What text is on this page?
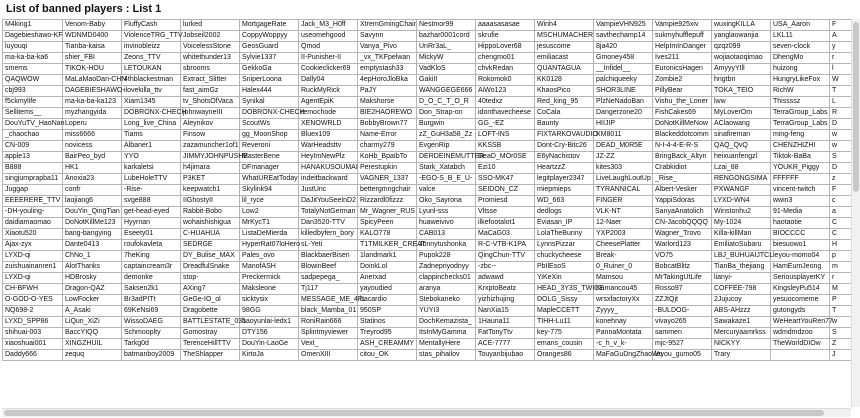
List of banned players : List 1
M4king1	Venom-Baby	FluffyCash	lurked	MortgageRate	Jack_M3_H0ff	XtremGmingChair	Nestmor99	aaaasasasae	Winh4	VampieVHN925	Vampie925xiv	wuxingKILLA	USA_Aaron	F
Dagebieshawo-KF	WDNMD0400	ViolenceTRG_TTV	Jobseil2002	CoppyWoppyy	useomehgood	Savynn	bazhar0001cord	skrufie	MSCHUMACHER	savthechamp14	sukmyhufflepuff	yanglaowanjia	LKL11	A
luyouqi	Tianba-kaisa	invinobleizz	VoicelessStone	GeosGuard	Qmod	Vanya_Pivo	UnRr3aL_	HippoLover68	jesuscome	8ja420	HelpImInDanger	qzqz099	seven-clock	y
ma-ka-ba-ka6	shier_FBI	Zeons_TTV	whitethunder13	Sylvie1337	II-Punisher-II	_vx_TKFpelwan	MickyW	chengmo01	emiliacast	Gmoney458	Ives211	wojiaotaoqimao	DhengMo	r
smems	TIKOK-HOU	LETOUKAN	sbrooms	GekkoGa	Cookieclicker69	emptystash33	VadKloS	chvkRedan	QUANTAGUA	__Infidel__	EuronicsHagen	AmyyyYIll	huizong	l
QAQWOW	MaLaMaoDan-CHN	4thblackestman	Extract_Slitter	SniperLoona	Dally04	4epHoroJloBka	GakiII	Rokomok0	KK0128	palchiqueeky	Zombie2	hngtbn	HungryLikeFox	W
cbj993	DAGEBIESHAWO-	ilovekilla_ttv	fast_aimGz	Halex444	RuckMyRick	PaJY	WANGGEGE666	AiWo123	KhaosPico	SHOR3LINE	PillyBear	TOKA_TEIO	RichW	T
f5ckmylife	ma-ka-ba-ka123	Xiam1345	tv_ShotsOfVaca	Synikal	AgentEpiK	Makshorse	D_O_C_T_O_R	40tedxz	Red_king_95	PlzNeNadoBan	Vishu_the_Loner	lww	Thissssz	L
Sellitems__	myzhangyida	DOBRONX-CHECH	johnwayneIII	DOBRONX-CHECH	remochode	BIE2HAOREWO	Don_Strap-on	idonthavecheese	CoCala	Dangerzone20	FishCakes69	MyLoverOm	TerraGroup_Labs	R
DouYuTV_HaoNan	Loperu	Long_live_China	Aleynikov	ScoutWs	XENOWRLD	BobbyBrown77	Burgwin	GG_-EZ	Baunty	HIIJIP	DoNotKillMeNow	AClaowang	TerraGroup_Labs	D
_chaochao	miss6666	Tiams	Finsow	gg_MoonShop	Bluex109	Name-Error	zZ_GuH3a58_Zz	LOFT-INS	FIXTARKOVAUDIO	XM8011	Blackeddotcomm	sinafireman	ming-feng	w
CN-009	novicess	Albaner1	zazamuncher1of1	Reveroni	WarHeadsttv	charmy279	EvgenRip	KKSSB	Dont-Cry-Bitc26	DEAD_M0R5E	N-I-4-4-E-R-S	QAQ_QvQ	CHENZHIZHI	w
apple13	BairPeo_byd	YYO	JIMMYJOHNPUSHE	MasterBene	HeyImNewPlz	KoHb_BpaIbTo	DERDEINEMUTTER	DeaD_MOr0SE	E6yNachistov	JZ-ZZ	BringBack_Altyn	heixuanfengzl	Tiktok-BaBa	S
B888	HK1	karkaletsi	h4jimara	DFmanager	HANAKUSOUMAI	Perestupkin	Stark_Xatabch	Ezi10	HeartzzZ	kites303	Crabkidiot	Lzai_88	YOUKR_Piggy	D
singjumprapba11	Anoxia23	LubeHoleTTV	P3KET	WhatUREatToday	indeitbackward	VAGNER_1337	-EGO-S_B_E_U-	SSO-MK47	legitplayer2347	LiveLaughLoutUp	_Rise_	RENGONGSIMA	FFFFFF	z
Juggap	confr	-Rise-	keepwatch1	Skylink94	JustUnc	bettergmngchair	valce	SEIDON_CZ	miepmieps	TYRANNICAL	Albert-Vesker	PXWANGF	vincent-twitch	F
EEEERERE_TTV	laojiang6	svge888	IIGhostyII	lil_ryce	DaJitYouSeeInD2	Rizzardl0fizzz	Oko_Sayrona	Promiesd	WD_663	FINGER	YappiSdoras	LYXD-WN4	wwin3	c
-DH-youling-	DouYin_QingTian	get-head-eyed	Rabbit-Bobo	Low2	TotalyNotGerman	Mr_Wagner_RUS	Lyunl-sss	Vltsse	dedlogs	VLK-NT	SanyaAnatolich	Winstonhu2	91-Media	a
daidiamaomao	DoNotKillMe123	Hyyrnan	wohaishishigua	MrKycT1	Dan3520-TTV	SpicyPeen	huaweivivo	ilkefootalot1	Eviasan_IP	12-Naer	CN-JacobQQQQ	My-1024	haotaotie	C
Xiaotu520	bang-bangying	Eseety01	C-HUAHUA	ListaDeMierda	killedbyfern_bory	KALO778	CAB013	MaCaG03	LolaTheBunny	YXP2003	Wagner_Trovo	Killa-killMan	BIOCCCC	C
Ajax-zyx	Dante0413	roufokavleta	SEDRGE	HyperRat07loHero	sL-Yeti	T1TMILKER_CREAT	Jonnytushonka	R-C-VTB-K1PA	LynnsPizzar	CheesePlatter	Warlord123	EmiliatoSubaru	biesuowo1	H
LYXD-qi	ChNo_1	7heKing	DY_Bulise_MAX	Pales_ovo	BlackbaerBisen	1landmark1	Pupok228	QingChun-TTV	chuckycheese	Break-	VO75	LBJ_BUHUAIJTCL	leyou-momo04	p
zuishuainanren1	AlotThanks	captaincream3r	DreadfulSnake	ManofASH	BlowinBeef	DoinkLol	Zadnepriyodnyy	-zbc--	PbIlEsoS	0_Ruiner_0	BobcatBlitz	TianBa_thejiang	HamEumJeong	m
LYXD-qi	HDBrosky	demonke	stop-	Preckermick	sadpepega_	Anerxad	clappinchecks01	adwawd	YiKeXin	Mamsou	MrTakingUtLife	lianyi-	SeriousplayerKY	r
CH-BFWH	Dragon-QAZ	Saksen2k1	AXing7	Maksleone	Tj117	yayoudied	aranya	KrxptoBeatz	HEAD_3Y3S_TWICE	Kumancou45	Rosso97	COFFEE-798	KingsleyPu514	M
O-GOD-O-YES	LowFocker	Br3adPITt	GeGe-IO_ol	sicktysix	MESSAGE_ME_4FL	bacardio	Stebokaneko	yizhizhujing	DOLG_Sissy	wrsxfactoryXx	ZZJtQjt	2Jujucoy	yesuocomeme	P
NQ698-2	A_Asaki	69KeNsi69	Dragobette	98GG	black_Mamba_01	950SP	YUYI3	NanXia15	MapleCCETT	Zyyyy_	-BULDOG-	ABS-AHzzz	gutongyds	T
LYXD_SPP86	LiQun_XiZi	WissoDAEG	BATTLESTATE_031	haoyunlai-ledx1	RoniRain666	Statinos	DochKemazista_	1Hauna11	TIHH-Lu11	konehnay	vivayo265	Sawakaze1	WeHeartYouRen77	w
shihuai-003	BaccYIQQ	Schmooplty	Gomostray	DTY156	Splintmyviewer	Treyrod95	ItsInMyGamma	FatTonyTtv	key-775	PannaMontata	sammen	Mercuryaamrkss	wdmdmdzoo	S
xiaoshuai001	XINGZHUIL	Tarkg0d	TerenceHillTTV	DouYin-LaoGe	Vext_	ASH_CREAMMY	MentallyHere	ACE-7777	emans_cousin	-c_h_v_k-	mjc-9527	NICKYY	TheWorldDIOw	Z
Daddy666	zequq	batmanboy2009	TheShlapper	KirtoJa	OmenXIII	citou_OK	stas_pihailov	Touyanbijubao	Oranges86	MaFaGuDngZhaoWo	leyou_gumo05	Trary		J
